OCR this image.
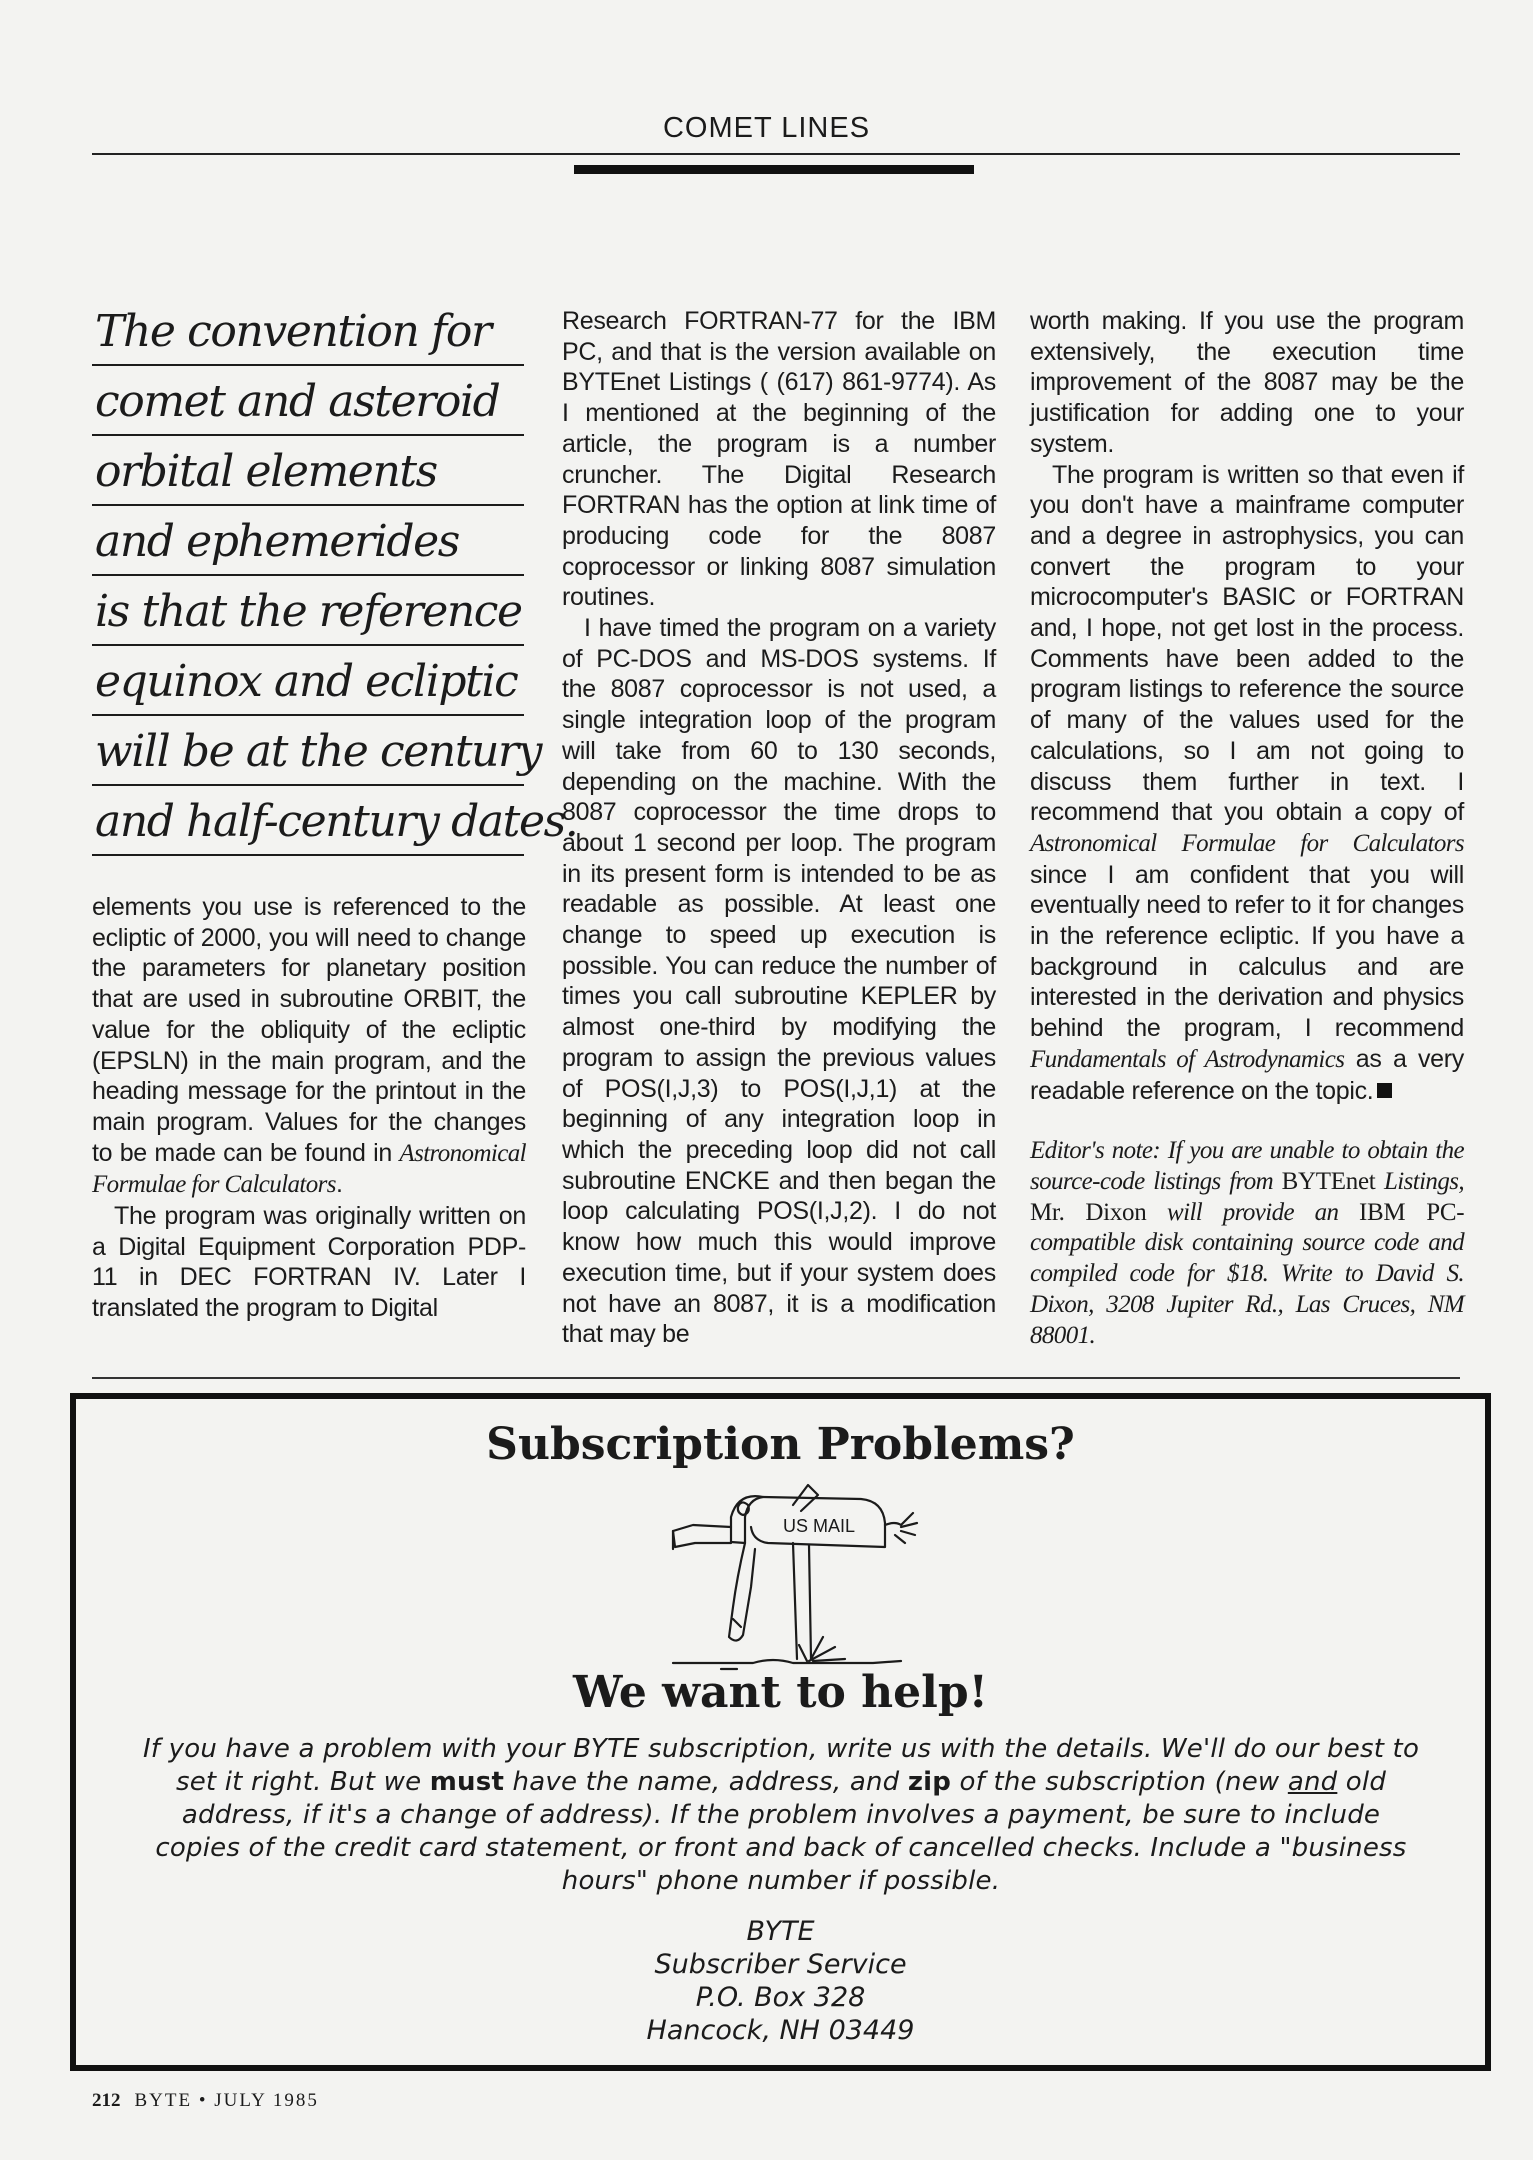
COMET LINES
The convention for
comet and asteroid
orbital elements
and ephemerides
is that the reference
equinox and ecliptic
will be at the century
and half-century dates.

elements you use is referenced to the ecliptic of 2000, you will need to change the parameters for planetary position that are used in subroutine ORBIT, the value for the obliquity of the ecliptic (EPSLN) in the main program, and the heading message for the printout in the main program. Values for the changes to be made can be found in Astronomical Formulae for Calculators.

The program was originally written on a Digital Equipment Corporation PDP-11 in DEC FORTRAN IV. Later I translated the program to Digital

Research FORTRAN-77 for the IBM PC, and that is the version available on BYTEnet Listings ( (617) 861-9774). As I mentioned at the beginning of the article, the program is a number cruncher. The Digital Research FORTRAN has the option at link time of producing code for the 8087 coprocessor or linking 8087 simulation routines.

I have timed the program on a variety of PC-DOS and MS-DOS systems. If the 8087 coprocessor is not used, a single integration loop of the program will take from 60 to 130 seconds, depending on the machine. With the 8087 coprocessor the time drops to about 1 second per loop. The program in its present form is intended to be as readable as possible. At least one change to speed up execution is possible. You can reduce the number of times you call subroutine KEPLER by almost one-third by modifying the program to assign the previous values of POS(I,J,3) to POS(I,J,1) at the beginning of any integration loop in which the preceding loop did not call subroutine ENCKE and then began the loop calculating POS(I,J,2). I do not know how much this would improve execution time, but if your system does not have an 8087, it is a modification that may be

worth making. If you use the program extensively, the execution time improvement of the 8087 may be the justification for adding one to your system.

The program is written so that even if you don't have a mainframe computer and a degree in astrophysics, you can convert the program to your microcomputer's BASIC or FORTRAN and, I hope, not get lost in the process. Comments have been added to the program listings to reference the source of many of the values used for the calculations, so I am not going to discuss them further in text. I recommend that you obtain a copy of Astronomical Formulae for Calculators since I am confident that you will eventually need to refer to it for changes in the reference ecliptic. If you have a background in calculus and are interested in the derivation and physics behind the program, I recommend Fundamentals of Astrodynamics as a very readable reference on the topic.

Editor's note: If you are unable to obtain the source-code listings from BYTEnet Listings, Mr. Dixon will provide an IBM PC-compatible disk containing source code and compiled code for $18. Write to David S. Dixon, 3208 Jupiter Rd., Las Cruces, NM 88001.

Subscription Problems?
US MAIL
We want to help!
If you have a problem with your BYTE subscription, write us with the details. We'll do our best to set it right. But we must have the name, address, and zip of the subscription (new and old address, if it's a change of address). If the problem involves a payment, be sure to include copies of the credit card statement, or front and back of cancelled checks. Include a "business hours" phone number if possible.
BYTE
Subscriber Service
P.O. Box 328
Hancock, NH 03449
212 BYTE • JULY 1985
